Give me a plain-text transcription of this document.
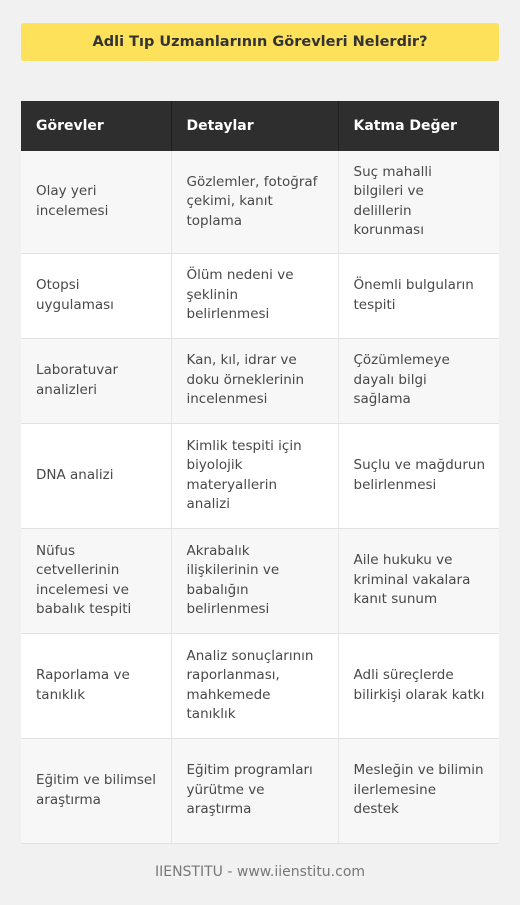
Adli Tıp Uzmanlarının Görevleri Nelerdir?
Görevler	Detaylar	Katma Değer
Olay yeri incelemesi	Gözlemler, fotoğraf çekimi, kanıt toplama	Suç mahalli bilgileri ve delillerin korunması
Otopsi uygulaması	Ölüm nedeni ve şeklinin belirlenmesi	Önemli bulguların tespiti
Laboratuvar analizleri	Kan, kıl, idrar ve doku örneklerinin incelenmesi	Çözümlemeye dayalı bilgi sağlama
DNA analizi	Kimlik tespiti için biyolojik materyallerin analizi	Suçlu ve mağdurun belirlenmesi
Nüfus cetvellerinin incelemesi ve babalık tespiti	Akrabalık ilişkilerinin ve babalığın belirlenmesi	Aile hukuku ve kriminal vakalara kanıt sunum
Raporlama ve tanıklık	Analiz sonuçlarının raporlanması, mahkemede tanıklık	Adli süreçlerde bilirkişi olarak katkı
Eğitim ve bilimsel araştırma	Eğitim programları yürütme ve araştırma	Mesleğin ve bilimin ilerlemesine destek
IIENSTITU - www.iienstitu.com
